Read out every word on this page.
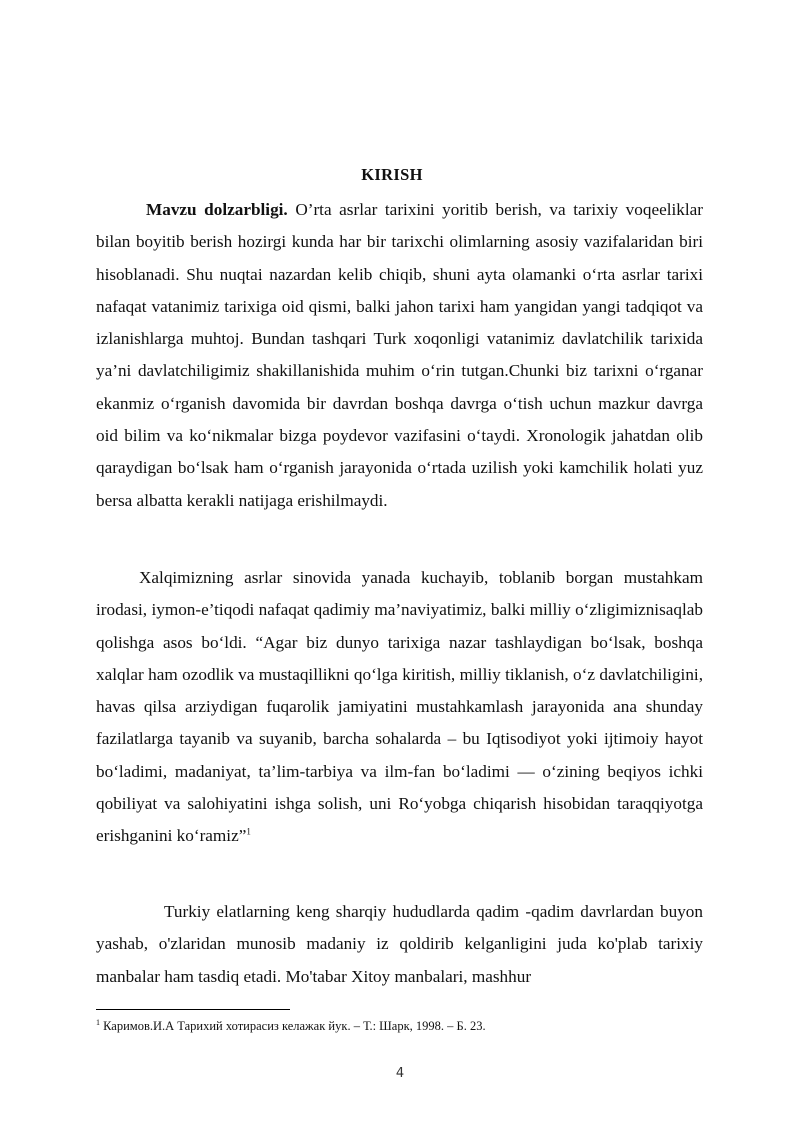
KIRISH

Mavzu dolzarbligi. O’rta asrlar tarixini yoritib berish, va tarixiy voqeeliklar bilan boyitib berish hozirgi kunda har bir tarixchi olimlarning asosiy vazifalaridan biri hisoblanadi. Shu nuqtai nazardan kelib chiqib, shuni ayta olamanki o‘rta asrlar tarixi nafaqat vatanimiz tarixiga oid qismi, balki jahon tarixi ham yangidan yangi tadqiqot va izlanishlarga muhtoj. Bundan tashqari Turk xoqonligi vatanimiz davlatchilik tarixida ya’ni davlatchiligimiz shakillanishida muhim o‘rin tutgan.Chunki biz tarixni o‘rganar ekanmiz o‘rganish davomida bir davrdan boshqa davrga o‘tish uchun mazkur davrga oid bilim va ko‘nikmalar bizga poydevor vazifasini o‘taydi. Xronologik jahatdan olib qaraydigan bo‘lsak ham o‘rganish jarayonida o‘rtada uzilish yoki kamchilik holati yuz bersa albatta kerakli natijaga erishilmaydi.

Xalqimizning asrlar sinovida yanada kuchayib, toblanib borgan mustahkam irodasi, iymon-e’tiqodi nafaqat qadimiy ma’naviyatimiz, balki milliy o‘zligimiznisaqlab qolishga asos bo‘ldi. “Agar biz dunyo tarixiga nazar tashlaydigan bo‘lsak, boshqa xalqlar ham ozodlik va mustaqillikni qo‘lga kiritish, milliy tiklanish, o‘z davlatchiligini, havas qilsa arziydigan fuqarolik jamiyatini mustahkamlash jarayonida ana shunday fazilatlarga tayanib va suyanib, barcha sohalarda – bu Iqtisodiyot yoki ijtimoiy hayot bo‘ladimi, madaniyat, ta’lim-tarbiya va ilm-fan bo‘ladimi — o‘zining beqiyos ichki qobiliyat va salohiyatini ishga solish, uni Ro‘yobga chiqarish hisobidan taraqqiyotga erishganini ko‘ramiz”$^1$

Turkiy elatlarning keng sharqiy hududlarda qadim -qadim davrlardan buyon yashab, o'zlaridan munosib madaniy iz qoldirib kelganligini juda ko'plab tarixiy manbalar ham tasdiq etadi. Mo'tabar Xitoy manbalari, mashhur

$^1$ Каримов.И.А Тарихий хотирасиз келажак йук. – Т.: Шарк, 1998. – Б. 23.
4
